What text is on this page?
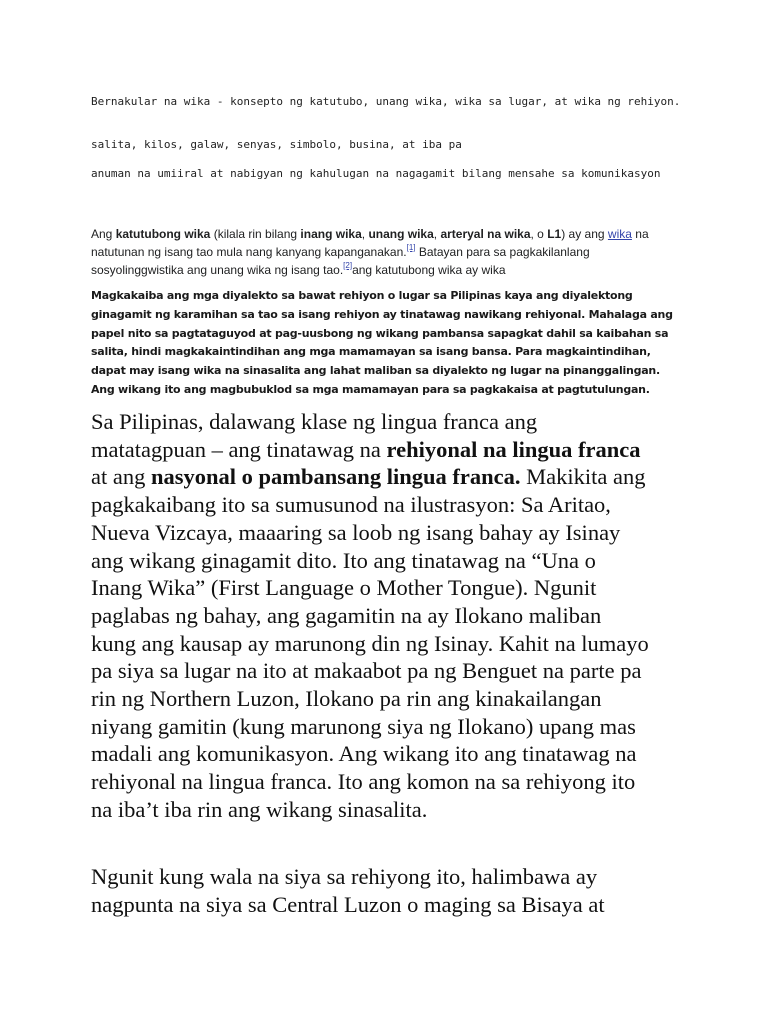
Bernakular na wika - konsepto ng katutubo, unang wika, wika sa lugar, at wika ng rehiyon.

salita, kilos, galaw, senyas, simbolo, busina, at iba pa

anuman na umiiral at nabigyan ng kahulugan na nagagamit bilang mensahe sa komunikasyon

Ang katutubong wika (kilala rin bilang inang wika, unang wika, arteryal na wika, o L1) ay ang wika na natutunan ng isang tao mula nang kanyang kapanganakan.[1] Batayan para sa pagkakilanlang sosyolinggwistika ang unang wika ng isang tao.[2]ang katutubong wika ay wika

Magkakaiba ang mga diyalekto sa bawat rehiyon o lugar sa Pilipinas kaya ang diyalektong ginagamit ng karamihan sa tao sa isang rehiyon ay tinatawag nawikang rehiyonal. Mahalaga ang papel nito sa pagtataguyod at pag-uusbong ng wikang pambansa sapagkat dahil sa kaibahan sa salita, hindi magkakaintindihan ang mga mamamayan sa isang bansa. Para magkaintindihan, dapat may isang wika na sinasalita ang lahat maliban sa diyalekto ng lugar na pinanggalingan. Ang wikang ito ang magbubuklod sa mga mamamayan para sa pagkakaisa at pagtutulungan.

Sa Pilipinas, dalawang klase ng lingua franca ang matatagpuan – ang tinatawag na rehiyonal na lingua franca at ang nasyonal o pambansang lingua franca. Makikita ang pagkakaibang ito sa sumusunod na ilustrasyon: Sa Aritao, Nueva Vizcaya, maaaring sa loob ng isang bahay ay Isinay ang wikang ginagamit dito. Ito ang tinatawag na “Una o Inang Wika” (First Language o Mother Tongue). Ngunit paglabas ng bahay, ang gagamitin na ay Ilokano maliban kung ang kausap ay marunong din ng Isinay. Kahit na lumayo pa siya sa lugar na ito at makaabot pa ng Benguet na parte pa rin ng Northern Luzon, Ilokano pa rin ang kinakailangan niyang gamitin (kung marunong siya ng Ilokano) upang mas madali ang komunikasyon. Ang wikang ito ang tinatawag na rehiyonal na lingua franca. Ito ang komon na sa rehiyong ito na iba’t iba rin ang wikang sinasalita.

Ngunit kung wala na siya sa rehiyong ito, halimbawa ay nagpunta na siya sa Central Luzon o maging sa Bisaya at
